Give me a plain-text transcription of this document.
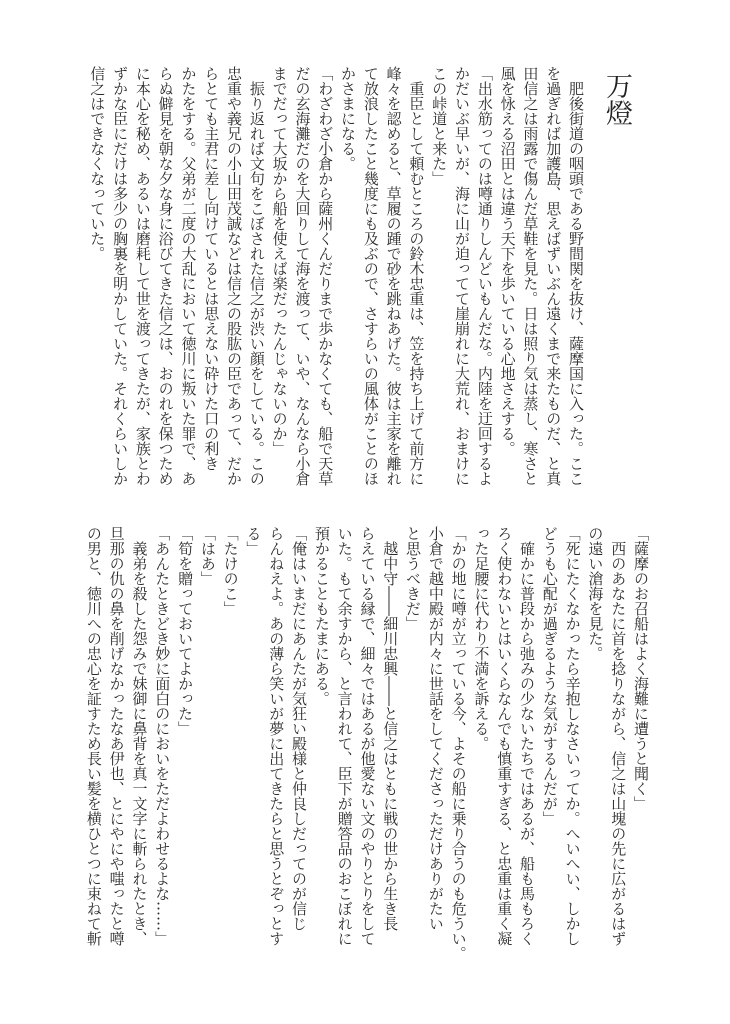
万燈
　肥後街道の咽頭である野間関を抜け、薩摩国に入った。ここ
を過ぎれば加護島、思えばずいぶん遠くまで来たものだ、と真
田信之は雨露で傷んだ草鞋を見た。日は照り気は蒸し、寒さと
風を怺える沼田とは違う天下を歩いている心地さえする。
「出水筋ってのは噂通りしんどいもんだな。内陸を迂回するよ
かだいぶ早いが、海に山が迫ってて崖崩れに大荒れ、おまけに
この峠道と来た」
　重臣として頼むところの鈴木忠重は、笠を持ち上げて前方に
峰々を認めると、草履の踵で砂を跳ねあげた。彼は主家を離れ
て放浪したこと幾度にも及ぶので、さすらいの風体がことのほ
かさまになる。
「わざわざ小倉から薩州くんだりまで歩かなくても、船で天草
だの玄海灘だのを大回りして海を渡って、いや、なんなら小倉
までだって大坂から船を使えば楽だったんじゃないのか」
　振り返れば文句をこぼされた信之が渋い顔をしている。この
忠重や義兄の小山田茂誠などは信之の股肱の臣であって、だか
らとても主君に差し向けているとは思えない砕けた口の利き
かたをする。父弟が二度の大乱において徳川に叛いた罪で、あ
らぬ僻見を朝な夕な身に浴びてきた信之は、おのれを保つため
に本心を秘め、あるいは磨耗して世を渡ってきたが、家族とわ
ずかな臣にだけは多少の胸裏を明かしていた。それくらいしか
信之はできなくなっていた。
「薩摩のお召船はよく海難に遭うと聞く」
　西のあなたに首を捻りながら、信之は山塊の先に広がるはず
の遠い滄海を見た。
「死にたくなかったら辛抱しなさいってか。へいへい、しかし
どうも心配が過ぎるような気がするんだが」
　確かに普段から弛みの少ないたちではあるが、船も馬もろく
ろく使わないとはいくらなんでも慎重すぎる、と忠重は重く凝
った足腰に代わり不満を訴える。
「かの地に噂が立っている今、よその船に乗り合うのも危うい。
小倉で越中殿が内々に世話をしてくださっただけありがたい
と思うべきだ」
　越中守――細川忠興――と信之はともに戦の世から生き長
らえている縁で、細々ではあるが他愛ない文のやりとりをして
いた。もて余すから、と言われて、臣下が贈答品のおこぼれに
預かることもたまにある。
「俺はいまだにあんたが気狂い殿様と仲良しだってのが信じ
らんねえよ。あの薄ら笑いが夢に出てきたらと思うとぞっとす
る」
「たけのこ」
「はあ」
「筍を贈っておいてよかった」
「あんたときどき妙に面白のにおいをただよわせるよな……」
　義弟を殺した怨みで妹御に鼻背を真一文字に斬られたとき、
旦那の仇の鼻を削げなかったなあ伊也、とにやにや嗤ったと噂
の男と、徳川への忠心を証すため長い髪を横ひとつに束ねて斬
